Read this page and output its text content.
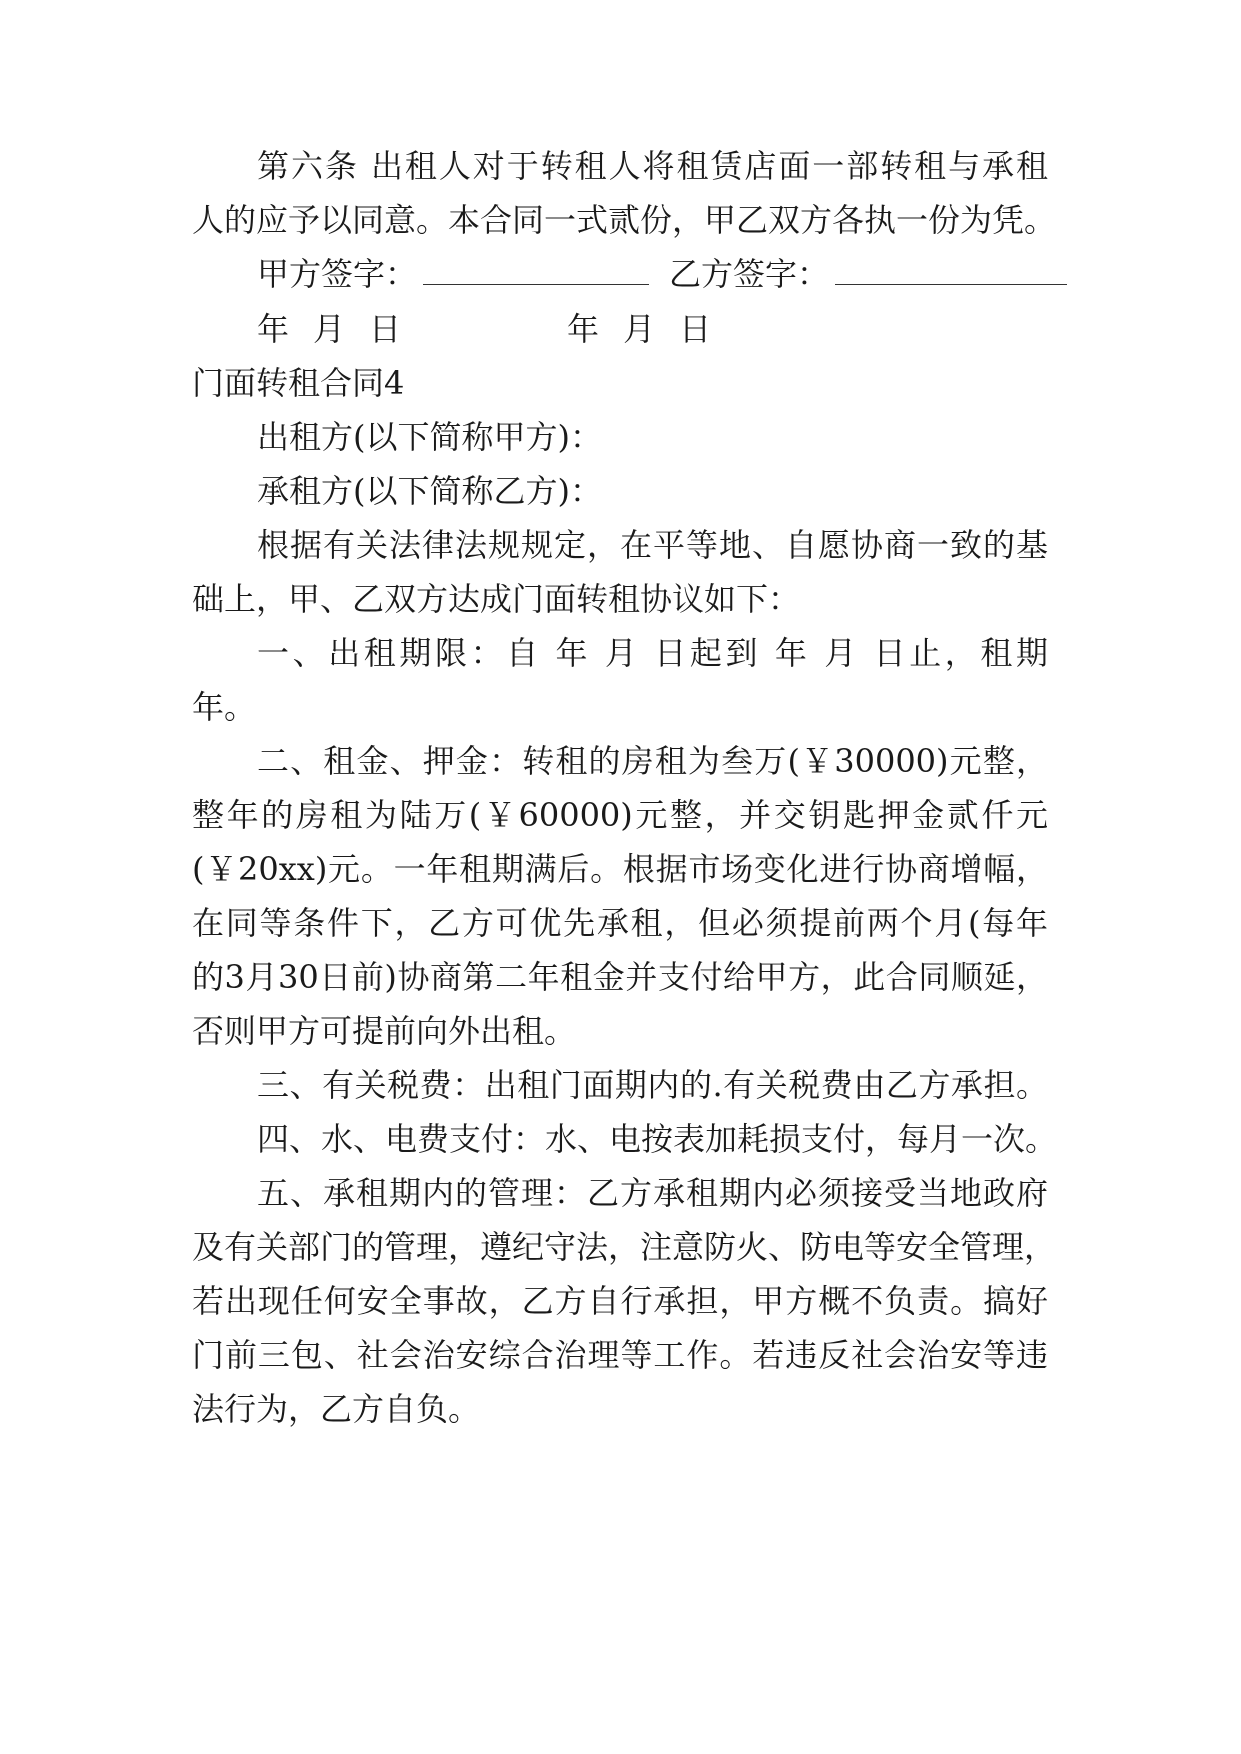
第六条 出租人对于转租人将租赁店面一部转租与承租
人的应予以同意。本合同一式贰份，甲乙双方各执一份为凭。
甲方签字：	乙方签字：
年 月 日	年 月 日
门面转租合同4
出租方(以下简称甲方)：
承租方(以下简称乙方)：
根据有关法律法规规定，在平等地、自愿协商一致的基
础上，甲、乙双方达成门面转租协议如下：
一、出租期限：自 年 月 日起到 年 月 日止，租期
年。
二、租金、押金：转租的房租为叁万(￥30000)元整，
整年的房租为陆万(￥60000)元整，并交钥匙押金贰仟元
(￥20xx)元。一年租期满后。根据市场变化进行协商增幅，
在同等条件下，乙方可优先承租，但必须提前两个月(每年
的3月30日前)协商第二年租金并支付给甲方，此合同顺延，
否则甲方可提前向外出租。
三、有关税费：出租门面期内的.有关税费由乙方承担。
四、水、电费支付：水、电按表加耗损支付，每月一次。
五、承租期内的管理：乙方承租期内必须接受当地政府
及有关部门的管理，遵纪守法，注意防火、防电等安全管理，
若出现任何安全事故，乙方自行承担，甲方概不负责。搞好
门前三包、社会治安综合治理等工作。若违反社会治安等违
法行为，乙方自负。
